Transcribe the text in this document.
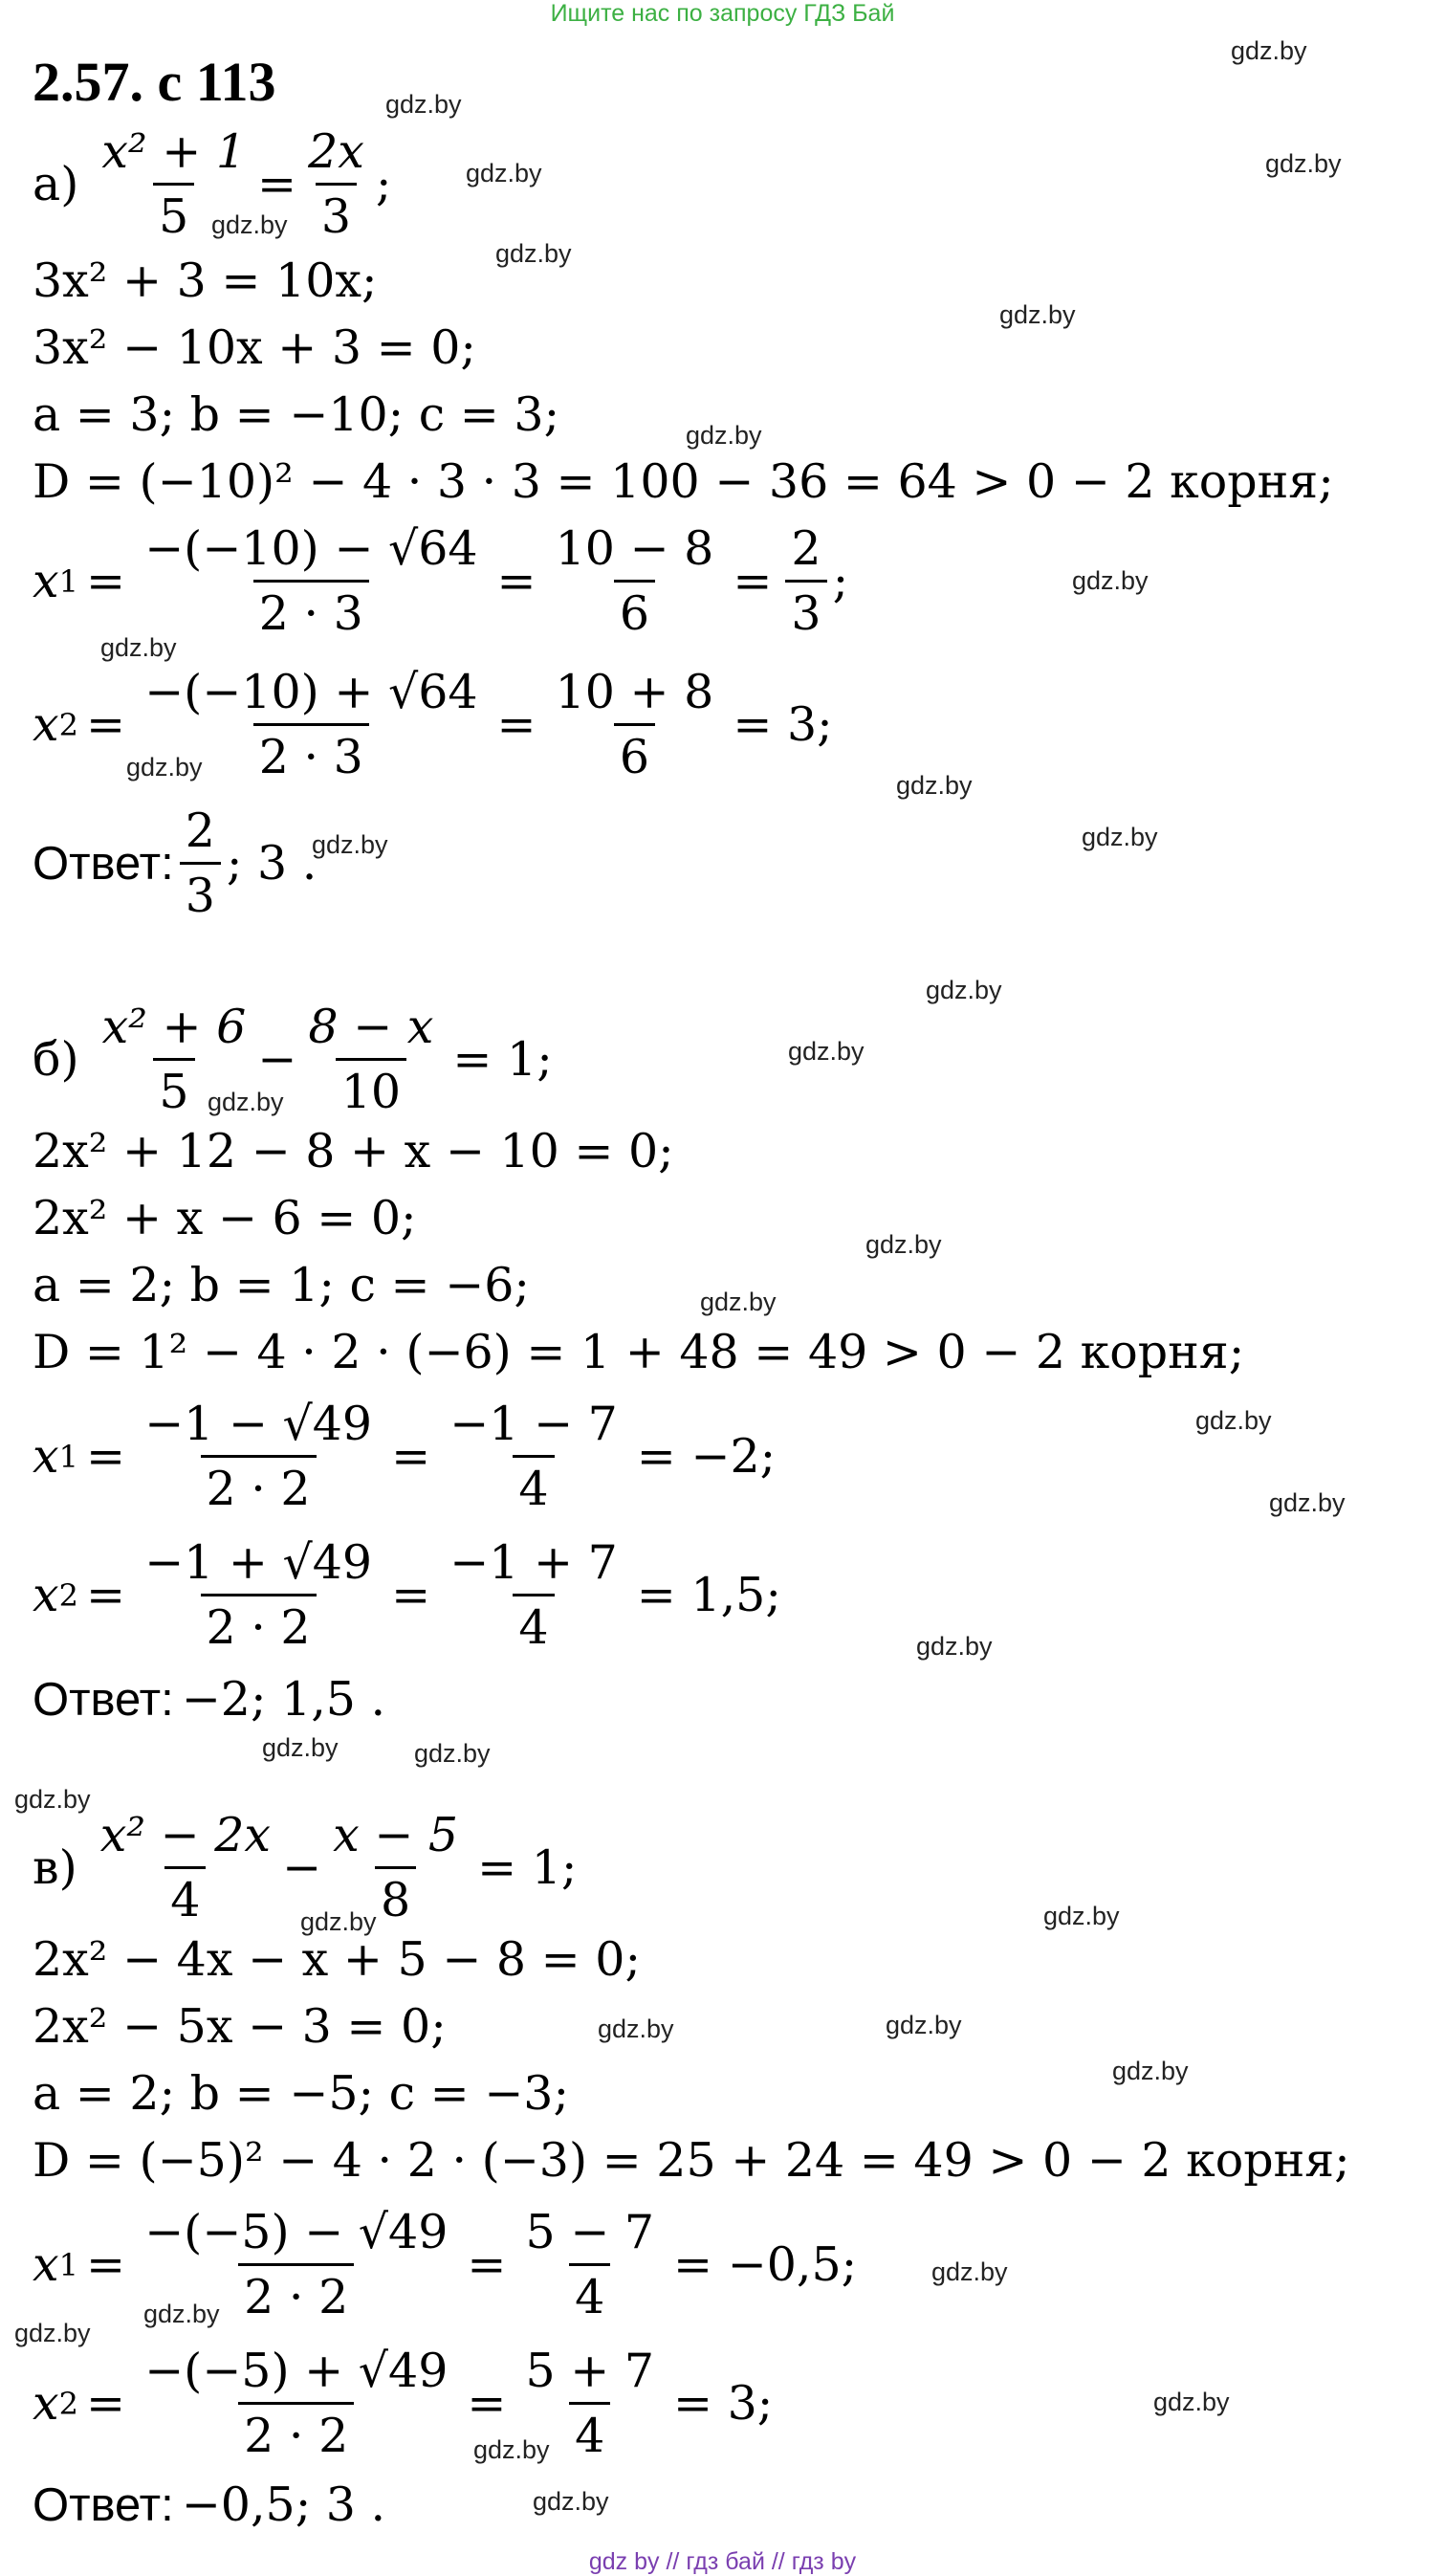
Ищите нас по запросу ГДЗ Бай
2.57. с 113
$а) \frac{\text{x² + 1}}{5} = \frac{2x}{3}$ ;
3x² + 3 = 10x;
3x² − 10x + 3 = 0;
a = 3; b = −10; c = 3;
D = (−10)² − 4 · 3 · 3 = 100 − 36 = 64 > 0 − 2 корня;
x $1 = \frac{-(-10) - √64}{2 \cdot 3} = \frac{10 - 8}{6} = \frac{2}{3}$ ;
x $2 = \frac{-(-10) + √64}{2 \cdot 3} = \frac{10 + 8}{6} = 3$;
Ответ: $\frac{2}{3}$ ; 3 .
$б) \frac{\text{x² + 6}}{5} - \frac{8 - x}{10} = 1$;
2x² + 12 − 8 + x − 10 = 0;
2x² + x − 6 = 0;
a = 2; b = 1; c = −6;
D = 1² − 4 · 2 · (−6) = 1 + 48 = 49 > 0 − 2 корня;
x $1 = \frac{-1 - √49}{2 \cdot 2} = \frac{-1 - 7}{4} = -2$;
x $2 = \frac{-1 + √49}{2 \cdot 2} = \frac{-1 + 7}{4} = 1,5$;
Ответ: −2; 1,5 .
$в) \frac{\text{x² − 2x}}{4} - \frac{x - 5}{8} = 1$;
2x² − 4x − x + 5 − 8 = 0;
2x² − 5x − 3 = 0;
a = 2; b = −5; c = −3;
D = (−5)² − 4 · 2 · (−3) = 25 + 24 = 49 > 0 − 2 корня;
x $1 = \frac{-(-5) - √49}{2 \cdot 2} = \frac{5 - 7}{4} = -0,5$;
x $2 = \frac{-(-5) + √49}{2 \cdot 2} = \frac{5 + 7}{4} = 3$;
Ответ: −0,5; 3 .
gdz.by
gdz.by
gdz.by	gdz.by
gdz.by
gdz.by
gdz.by
gdz.by
gdz.by
gdz.by
gdz.by
gdz.by
gdz.by
gdz.by
gdz.by
gdz.by
gdz.by
gdz.by
gdz.by
gdz.by
gdz.by
gdz.by
gdz.by	gdz.by
gdz.by
gdz.by	gdz.by
gdz.by	gdz.by
gdz.by
gdz.by
gdz.by
gdz.by
gdz.by
gdz.by
gdz.by
gdz by // гдз бай // гдз by
